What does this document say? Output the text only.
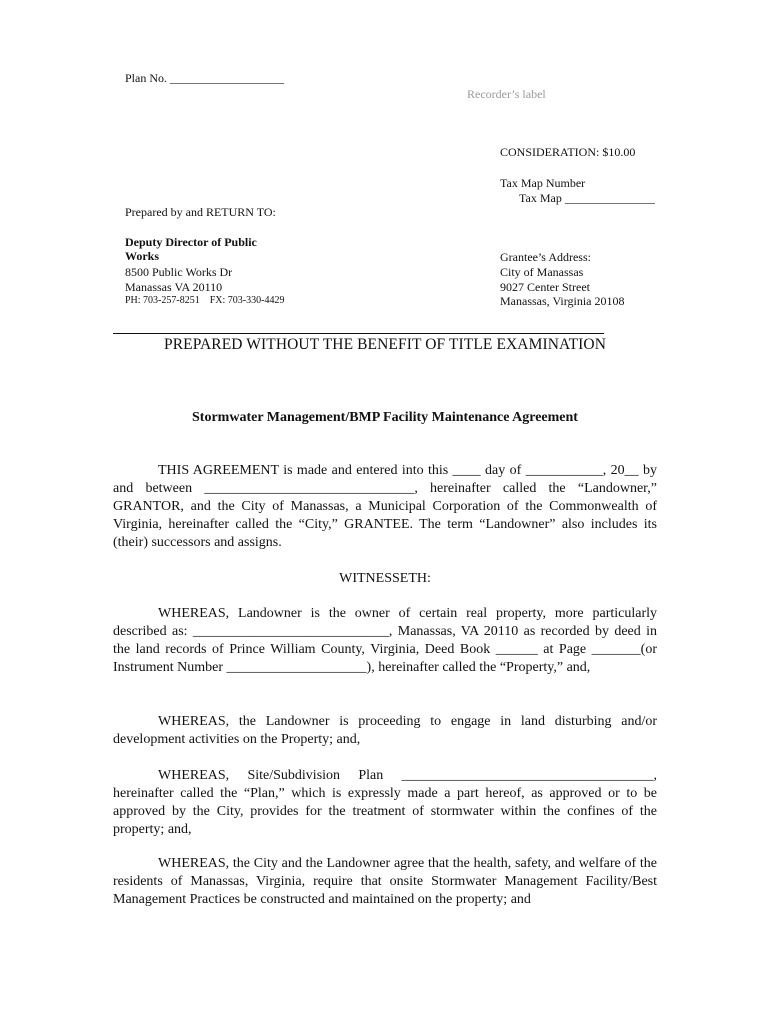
Plan No. ___________________
Recorder’s label
CONSIDERATION: $10.00
Tax Map Number
Tax Map _______________
Prepared by and RETURN TO:
Deputy Director of Public
Works
8500 Public Works Dr
Manassas VA 20110
PH: 703-257-8251    FX: 703-330-4429
Grantee’s Address:
City of Manassas
9027 Center Street
Manassas, Virginia 20108
PREPARED WITHOUT THE BENEFIT OF TITLE EXAMINATION
Stormwater Management/BMP Facility Maintenance Agreement

THIS AGREEMENT is made and entered into this ____ day of ___________, 20__ by and between ______________________________, hereinafter called the “Landowner,” GRANTOR, and the City of Manassas, a Municipal Corporation of the Commonwealth of Virginia, hereinafter called the “City,” GRANTEE. The term “Landowner” also includes its (their) successors and assigns.

WITNESSETH:

WHEREAS, Landowner is the owner of certain real property, more particularly described as: ____________________________, Manassas, VA 20110 as recorded by deed in the land records of Prince William County, Virginia, Deed Book ______ at Page _______(or Instrument Number ____________________), hereinafter called the “Property,” and,

WHEREAS, the Landowner is proceeding to engage in land disturbing and/or development activities on the Property; and,

WHEREAS, Site/Subdivision Plan ____________________________________, hereinafter called the “Plan,” which is expressly made a part hereof, as approved or to be approved by the City, provides for the treatment of stormwater within the confines of the property; and,

WHEREAS, the City and the Landowner agree that the health, safety, and welfare of the residents of Manassas, Virginia, require that onsite Stormwater Management Facility/Best Management Practices be constructed and maintained on the property; and
